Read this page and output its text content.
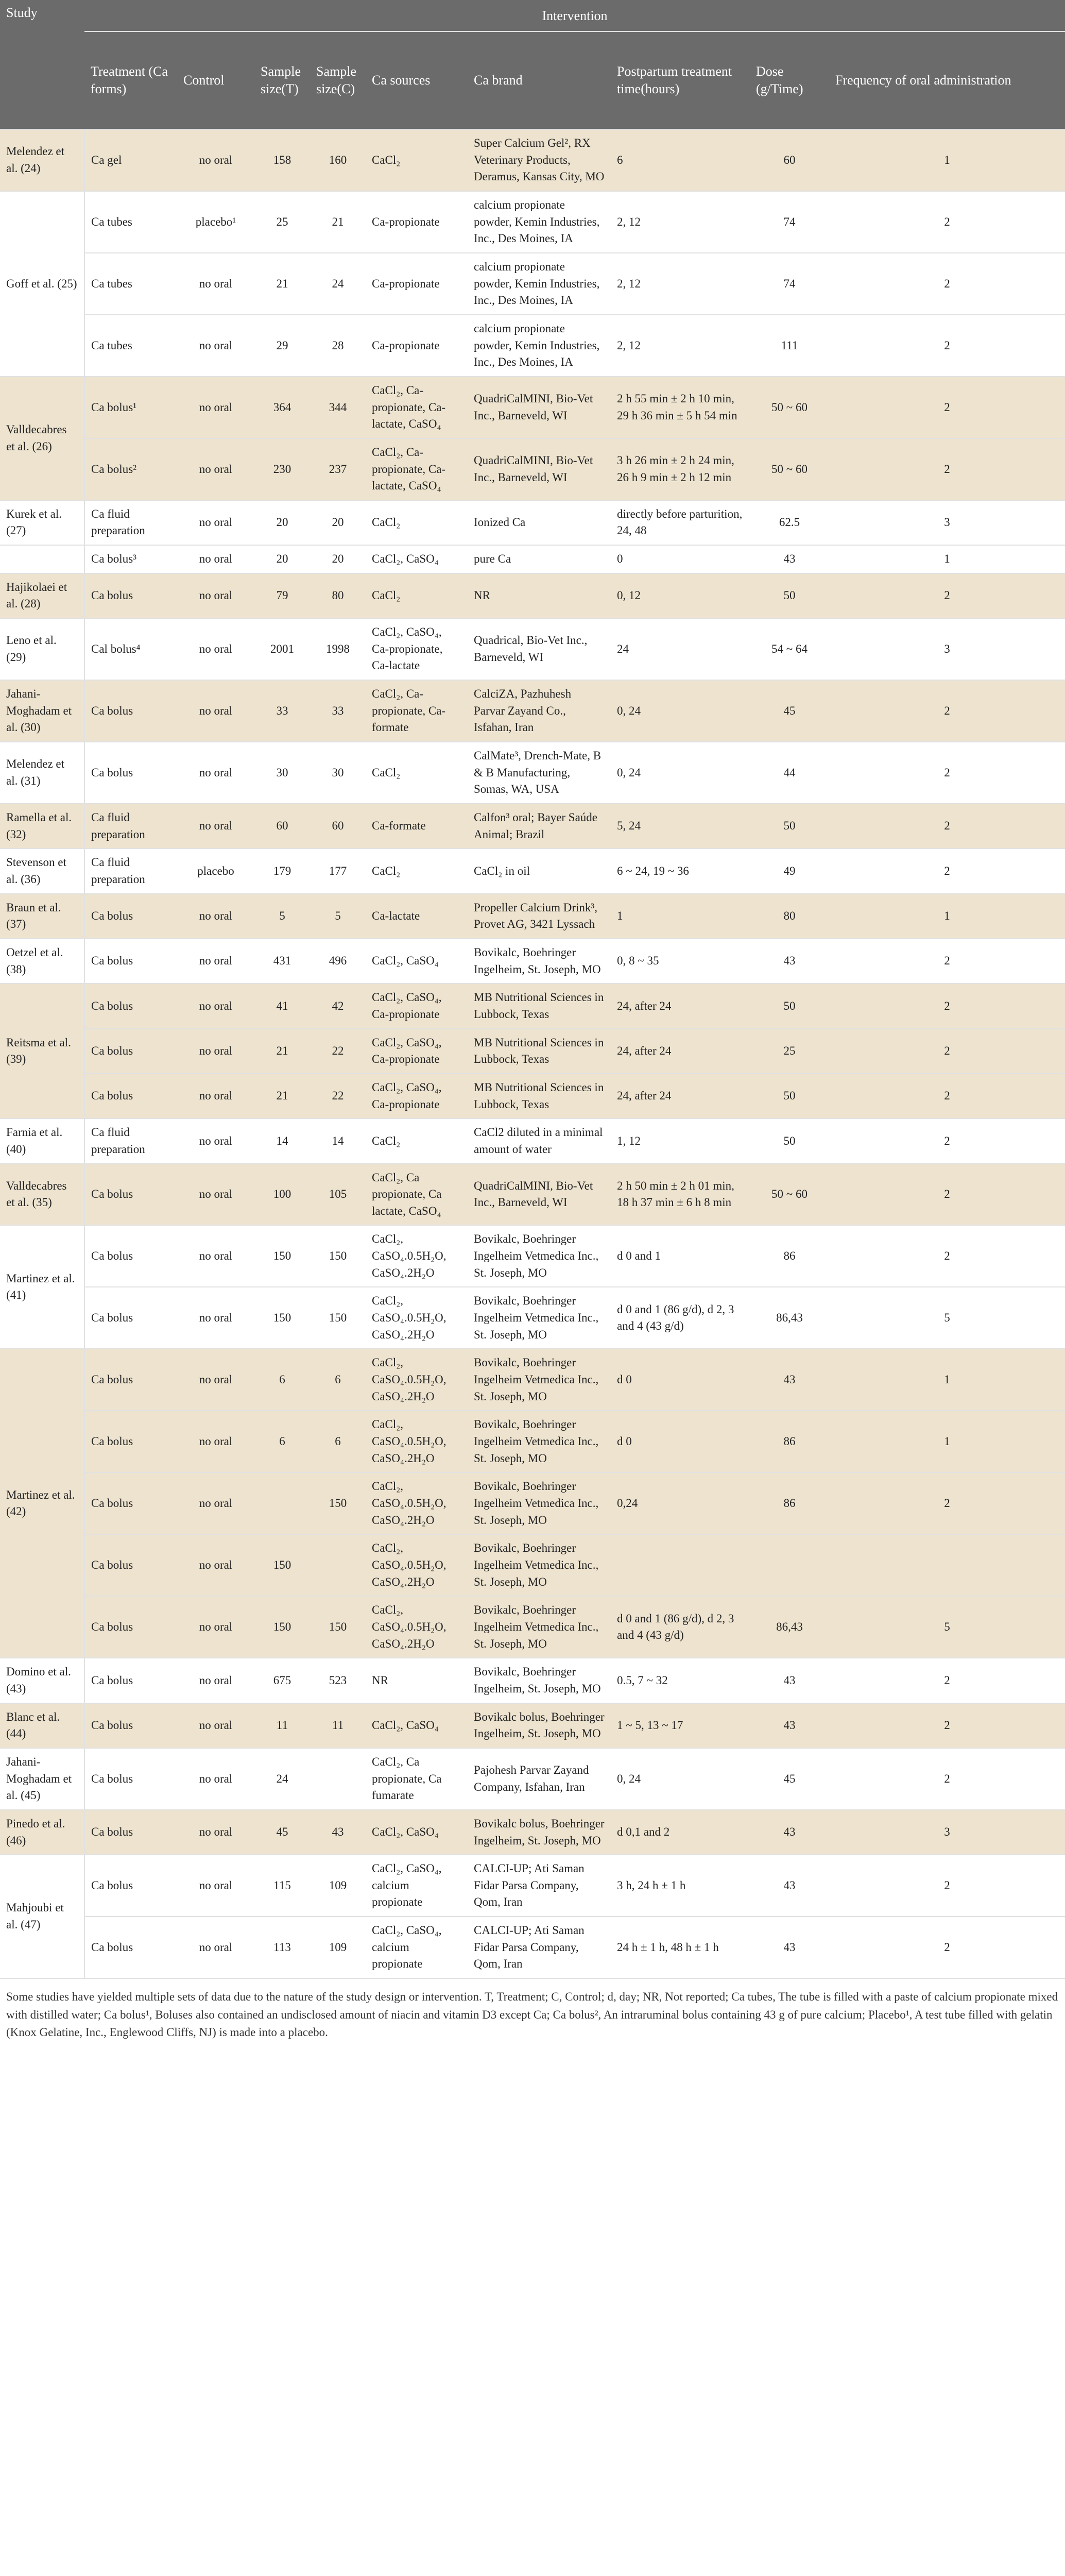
Study	Intervention								
	Treatment (Ca forms)	Control	Sample size(T)	Sample size(C)	Ca sources	Ca brand	Postpartum treatment time(hours)	Dose (g/Time)	Frequency of oral administration
Melendez et al. (24)	Ca gel	no oral	158	160	CaCl₂	Super Calcium Gel², RX Veterinary Products, Deramus, Kansas City, MO	6	60	1
Goff et al. (25)	Ca tubes	placebo¹	25	21	Ca-propionate	calcium propionate powder, Kemin Industries, Inc., Des Moines, IA	2, 12	74	2
	Ca tubes	no oral	21	24	Ca-propionate	calcium propionate powder, Kemin Industries, Inc., Des Moines, IA	2, 12	74	2
	Ca tubes	no oral	29	28	Ca-propionate	calcium propionate powder, Kemin Industries, Inc., Des Moines, IA	2, 12	111	2
Valldecabres et al. (26)	Ca bolus¹	no oral	364	344	CaCl₂, Ca-propionate, Ca-lactate, CaSO₄	QuadriCalMINI, Bio-Vet Inc., Barneveld, WI	2 h 55 min ± 2 h 10 min, 29 h 36 min ± 5 h 54 min	50 ~ 60	2
	Ca bolus²	no oral	230	237	CaCl₂, Ca-propionate, Ca-lactate, CaSO₄	QuadriCalMINI, Bio-Vet Inc., Barneveld, WI	3 h 26 min ± 2 h 24 min, 26 h 9 min ± 2 h 12 min	50 ~ 60	2
Kurek et al. (27)	Ca fluid preparation	no oral	20	20	CaCl₂	Ionized Ca	directly before parturition, 24, 48	62.5	3
	Ca bolus³	no oral	20	20	CaCl₂, CaSO₄	pure Ca	0	43	1
Hajikolaei et al. (28)	Ca bolus	no oral	79	80	CaCl₂	NR	0, 12	50	2
Leno et al. (29)	Cal bolus⁴	no oral	2001	1998	CaCl₂, CaSO₄, Ca-propionate, Ca-lactate	Quadrical, Bio-Vet Inc., Barneveld, WI	24	54 ~ 64	3
Jahani-Moghadam et al. (30)	Ca bolus	no oral	33	33	CaCl₂, Ca-propionate, Ca-formate	CalciZA, Pazhuhesh Parvar Zayand Co., Isfahan, Iran	0, 24	45	2
Melendez et al. (31)	Ca bolus	no oral	30	30	CaCl₂	CalMate³, Drench-Mate, B & B Manufacturing, Somas, WA, USA	0, 24	44	2
Ramella et al. (32)	Ca fluid preparation	no oral	60	60	Ca-formate	Calfon³ oral; Bayer Saúde Animal; Brazil	5, 24	50	2
Stevenson et al. (36)	Ca fluid preparation	placebo	179	177	CaCl₂	CaCl₂ in oil	6 ~ 24, 19 ~ 36	49	2
Braun et al. (37)	Ca bolus	no oral	5	5	Ca-lactate	Propeller Calcium Drink³, Provet AG, 3421 Lyssach	1	80	1
Oetzel et al. (38)	Ca bolus	no oral	431	496	CaCl₂, CaSO₄	Bovikalc, Boehringer Ingelheim, St. Joseph, MO	0, 8 ~ 35	43	2
Reitsma et al. (39)	Ca bolus	no oral	41	42	CaCl₂, CaSO₄, Ca-propionate	MB Nutritional Sciences in Lubbock, Texas	24, after 24	50	2
	Ca bolus	no oral	21	22	CaCl₂, CaSO₄, Ca-propionate	MB Nutritional Sciences in Lubbock, Texas	24, after 24	25	2
	Ca bolus	no oral	21	22	CaCl₂, CaSO₄, Ca-propionate	MB Nutritional Sciences in Lubbock, Texas	24, after 24	50	2
Farnia et al. (40)	Ca fluid preparation	no oral	14	14	CaCl₂	CaCl2 diluted in a minimal amount of water	1, 12	50	2
Valldecabres et al. (35)	Ca bolus	no oral	100	105	CaCl₂, Ca propionate, Ca lactate, CaSO₄	QuadriCalMINI, Bio-Vet Inc., Barneveld, WI	2 h 50 min ± 2 h 01 min, 18 h 37 min ± 6 h 8 min	50 ~ 60	2
Martinez et al. (41)	Ca bolus	no oral	150	150	CaCl₂, CaSO₄.0.5H₂O, CaSO₄.2H₂O	Bovikalc, Boehringer Ingelheim Vetmedica Inc., St. Joseph, MO	d 0 and 1	86	2
	Ca bolus	no oral	150	150	CaCl₂, CaSO₄.0.5H₂O, CaSO₄.2H₂O	Bovikalc, Boehringer Ingelheim Vetmedica Inc., St. Joseph, MO	d 0 and 1 (86 g/d), d 2, 3 and 4 (43 g/d)	86,43	5
Martinez et al. (42)	Ca bolus	no oral	6	6	CaCl₂, CaSO₄.0.5H₂O, CaSO₄.2H₂O	Bovikalc, Boehringer Ingelheim Vetmedica Inc., St. Joseph, MO	d 0	43	1
	Ca bolus	no oral	6	6	CaCl₂, CaSO₄.0.5H₂O, CaSO₄.2H₂O	Bovikalc, Boehringer Ingelheim Vetmedica Inc., St. Joseph, MO	d 0	86	1
	Ca bolus	no oral		150	CaCl₂, CaSO₄.0.5H₂O, CaSO₄.2H₂O	Bovikalc, Boehringer Ingelheim Vetmedica Inc., St. Joseph, MO	0,24	86	2
	Ca bolus	no oral	150		CaCl₂, CaSO₄.0.5H₂O, CaSO₄.2H₂O	Bovikalc, Boehringer Ingelheim Vetmedica Inc., St. Joseph, MO			
	Ca bolus	no oral	150	150	CaCl₂, CaSO₄.0.5H₂O, CaSO₄.2H₂O	Bovikalc, Boehringer Ingelheim Vetmedica Inc., St. Joseph, MO	d 0 and 1 (86 g/d), d 2, 3 and 4 (43 g/d)	86,43	5
Domino et al. (43)	Ca bolus	no oral	675	523	NR	Bovikalc, Boehringer Ingelheim, St. Joseph, MO	0.5, 7 ~ 32	43	2
Blanc et al. (44)	Ca bolus	no oral	11	11	CaCl₂, CaSO₄	Bovikalc bolus, Boehringer Ingelheim, St. Joseph, MO	1 ~ 5, 13 ~ 17	43	2
Jahani-Moghadam et al. (45)	Ca bolus	no oral	24		CaCl₂, Ca propionate, Ca fumarate	Pajohesh Parvar Zayand Company, Isfahan, Iran	0, 24	45	2
Pinedo et al. (46)	Ca bolus	no oral	45	43	CaCl₂, CaSO₄	Bovikalc bolus, Boehringer Ingelheim, St. Joseph, MO	d 0,1 and 2	43	3
Mahjoubi et al. (47)	Ca bolus	no oral	115	109	CaCl₂, CaSO₄, calcium propionate	CALCI-UP; Ati Saman Fidar Parsa Company, Qom, Iran	3 h, 24 h ± 1 h	43	2
	Ca bolus	no oral	113	109	CaCl₂, CaSO₄, calcium propionate	CALCI-UP; Ati Saman Fidar Parsa Company, Qom, Iran	24 h ± 1 h, 48 h ± 1 h	43	2

Some studies have yielded multiple sets of data due to the nature of the study design or intervention. T, Treatment; C, Control; d, day; NR, Not reported; Ca tubes, The tube is filled with a paste of calcium propionate mixed with distilled water; Ca bolus¹, Boluses also contained an undisclosed amount of niacin and vitamin D3 except Ca; Ca bolus², An intraruminal bolus containing 43 g of pure calcium; Placebo¹, A test tube filled with gelatin (Knox Gelatine, Inc., Englewood Cliffs, NJ) is made into a placebo.
